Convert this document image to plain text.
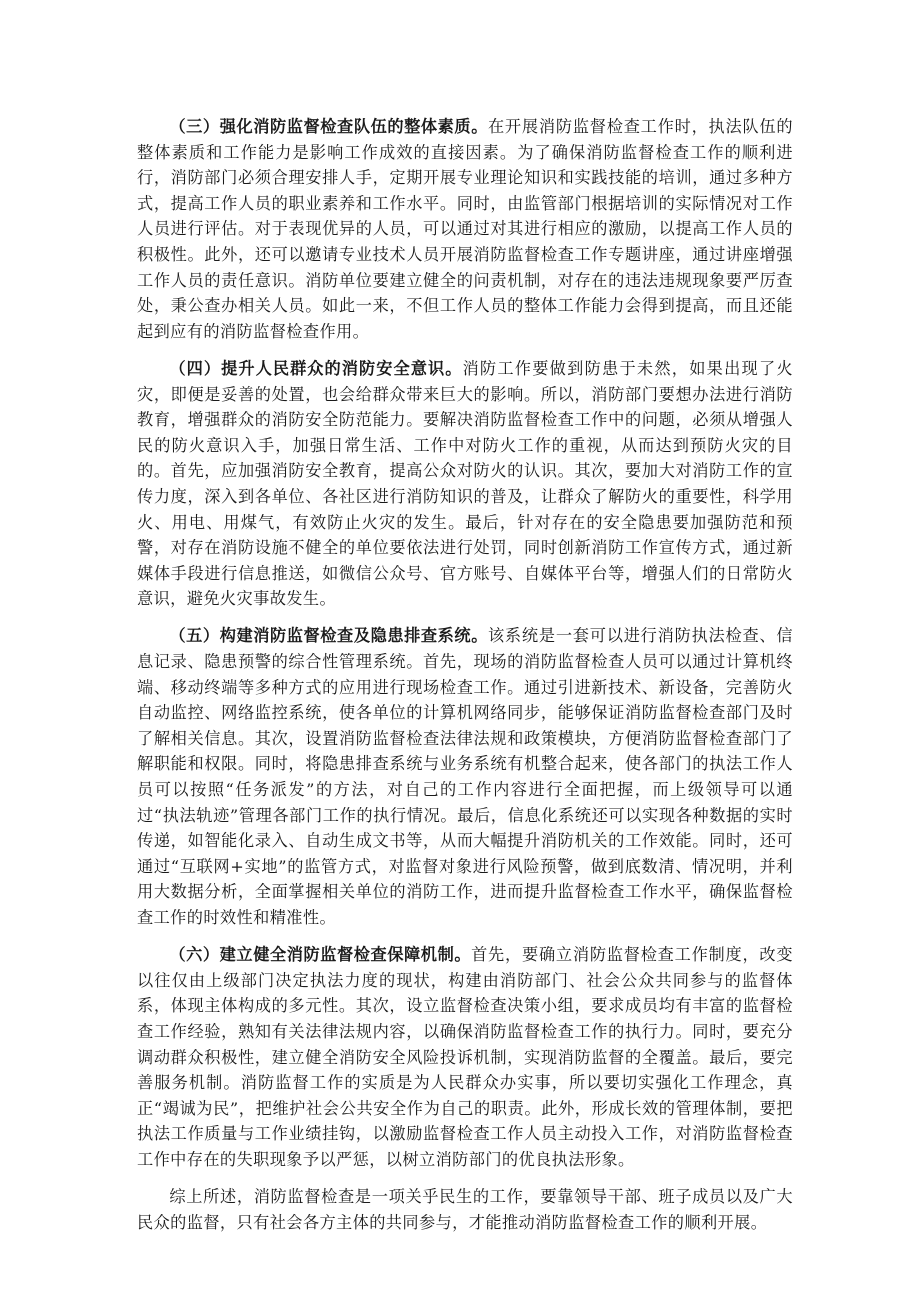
（三）强化消防监督检查队伍的整体素质。在开展消防监督检查工作时，执法队伍的整体素质和工作能力是影响工作成效的直接因素。为了确保消防监督检查工作的顺利进行，消防部门必须合理安排人手，定期开展专业理论知识和实践技能的培训，通过多种方式，提高工作人员的职业素养和工作水平。同时，由监管部门根据培训的实际情况对工作人员进行评估。对于表现优异的人员，可以通过对其进行相应的激励，以提高工作人员的积极性。此外，还可以邀请专业技术人员开展消防监督检查工作专题讲座，通过讲座增强工作人员的责任意识。消防单位要建立健全的问责机制，对存在的违法违规现象要严厉查处，秉公查办相关人员。如此一来，不但工作人员的整体工作能力会得到提高，而且还能起到应有的消防监督检查作用。

（四）提升人民群众的消防安全意识。消防工作要做到防患于未然，如果出现了火灾，即便是妥善的处置，也会给群众带来巨大的影响。所以，消防部门要想办法进行消防教育，增强群众的消防安全防范能力。要解决消防监督检查工作中的问题，必须从增强人民的防火意识入手，加强日常生活、工作中对防火工作的重视，从而达到预防火灾的目的。首先，应加强消防安全教育，提高公众对防火的认识。其次，要加大对消防工作的宣传力度，深入到各单位、各社区进行消防知识的普及，让群众了解防火的重要性，科学用火、用电、用煤气，有效防止火灾的发生。最后，针对存在的安全隐患要加强防范和预警，对存在消防设施不健全的单位要依法进行处罚，同时创新消防工作宣传方式，通过新媒体手段进行信息推送，如微信公众号、官方账号、自媒体平台等，增强人们的日常防火意识，避免火灾事故发生。

（五）构建消防监督检查及隐患排查系统。该系统是一套可以进行消防执法检查、信息记录、隐患预警的综合性管理系统。首先，现场的消防监督检查人员可以通过计算机终端、移动终端等多种方式的应用进行现场检查工作。通过引进新技术、新设备，完善防火自动监控、网络监控系统，使各单位的计算机网络同步，能够保证消防监督检查部门及时了解相关信息。其次，设置消防监督检查法律法规和政策模块，方便消防监督检查部门了解职能和权限。同时，将隐患排查系统与业务系统有机整合起来，使各部门的执法工作人员可以按照“任务派发”的方法，对自己的工作内容进行全面把握，而上级领导可以通过“执法轨迹”管理各部门工作的执行情况。最后，信息化系统还可以实现各种数据的实时传递，如智能化录入、自动生成文书等，从而大幅提升消防机关的工作效能。同时，还可通过“互联网+实地”的监管方式，对监督对象进行风险预警，做到底数清、情况明，并利用大数据分析，全面掌握相关单位的消防工作，进而提升监督检查工作水平，确保监督检查工作的时效性和精准性。

（六）建立健全消防监督检查保障机制。首先，要确立消防监督检查工作制度，改变以往仅由上级部门决定执法力度的现状，构建由消防部门、社会公众共同参与的监督体系，体现主体构成的多元性。其次，设立监督检查决策小组，要求成员均有丰富的监督检查工作经验，熟知有关法律法规内容，以确保消防监督检查工作的执行力。同时，要充分调动群众积极性，建立健全消防安全风险投诉机制，实现消防监督的全覆盖。最后，要完善服务机制。消防监督工作的实质是为人民群众办实事，所以要切实强化工作理念，真正“竭诚为民”，把维护社会公共安全作为自己的职责。此外，形成长效的管理体制，要把执法工作质量与工作业绩挂钩，以激励监督检查工作人员主动投入工作，对消防监督检查工作中存在的失职现象予以严惩，以树立消防部门的优良执法形象。

综上所述，消防监督检查是一项关乎民生的工作，要靠领导干部、班子成员以及广大民众的监督，只有社会各方主体的共同参与，才能推动消防监督检查工作的顺利开展。
